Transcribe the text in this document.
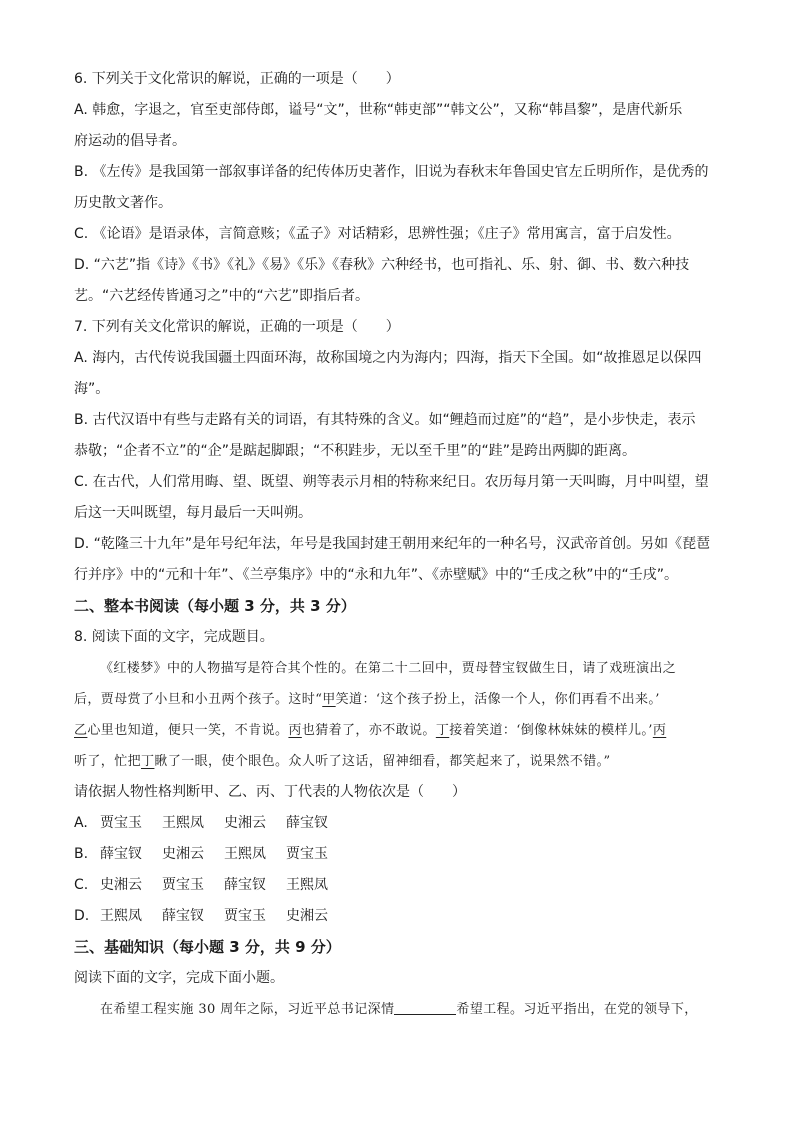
6. 下列关于文化常识的解说，正确的一项是（　　）
A. 韩愈，字退之，官至吏部侍郎，谥号“文”，世称“韩吏部”“韩文公”，又称“韩昌黎”，是唐代新乐
府运动的倡导者。
B. 《左传》是我国第一部叙事详备的纪传体历史著作，旧说为春秋末年鲁国史官左丘明所作，是优秀的
历史散文著作。
C. 《论语》是语录体，言简意赅；《孟子》对话精彩，思辨性强；《庄子》常用寓言，富于启发性。
D. “六艺”指《诗》《书》《礼》《易》《乐》《春秋》六种经书，也可指礼、乐、射、御、书、数六种技
艺。“六艺经传皆通习之”中的“六艺”即指后者。
7. 下列有关文化常识的解说，正确的一项是（　　）
A. 海内，古代传说我国疆土四面环海，故称国境之内为海内；四海，指天下全国。如“故推恩足以保四
海”。
B. 古代汉语中有些与走路有关的词语，有其特殊的含义。如“鲤趋而过庭”的“趋”，是小步快走，表示
恭敬；“企者不立”的“企”是踮起脚跟；“不积跬步，无以至千里”的“跬”是跨出两脚的距离。
C. 在古代，人们常用晦、望、既望、朔等表示月相的特称来纪日。农历每月第一天叫晦，月中叫望，望
后这一天叫既望，每月最后一天叫朔。
D. “乾隆三十九年”是年号纪年法，年号是我国封建王朝用来纪年的一种名号，汉武帝首创。另如《琵琶
行并序》中的“元和十年”、《兰亭集序》中的“永和九年”、《赤壁赋》中的“壬戌之秋”中的“壬戌”。
二、整本书阅读（每小题 3 分，共 3 分）
8. 阅读下面的文字，完成题目。
《红楼梦》中的人物描写是符合其个性的。在第二十二回中，贾母替宝钗做生日，请了戏班演出之
后，贾母赏了小旦和小丑两个孩子。这时“甲笑道：‘这个孩子扮上，活像一个人，你们再看不出来。’
乙心里也知道，便只一笑，不肯说。丙也猜着了，亦不敢说。丁接着笑道：‘倒像林妹妹的模样儿。’丙
听了，忙把丁瞅了一眼，使个眼色。众人听了这话，留神细看，都笑起来了，说果然不错。”
请依据人物性格判断甲、乙、丙、丁代表的人物依次是（　　）
A. 贾宝玉 王熙凤 史湘云 薛宝钗
B. 薛宝钗 史湘云 王熙凤 贾宝玉
C. 史湘云 贾宝玉 薛宝钗 王熙凤
D. 王熙凤 薛宝钗 贾宝玉 史湘云
三、基础知识（每小题 3 分，共 9 分）
阅读下面的文字，完成下面小题。
在希望工程实施 30 周年之际，习近平总书记深情	希望工程。习近平指出，在党的领导下，
